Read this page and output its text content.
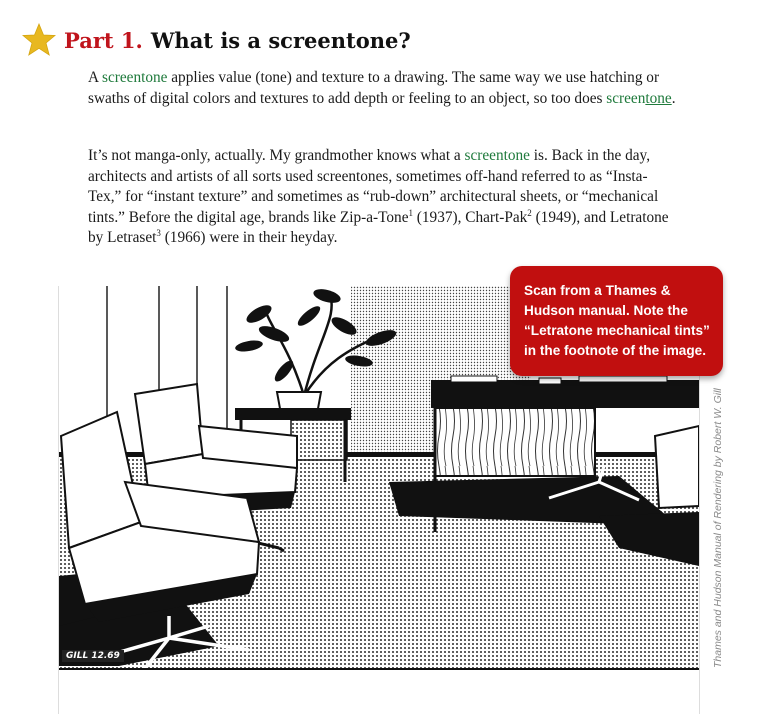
Part 1. What is a screentone?

A screentone applies value (tone) and texture to a drawing. The same way we use hatching or swaths of digital colors and textures to add depth or feeling to an object, so too does screentone.

It’s not manga-only, actually. My grandmother knows what a screentone is. Back in the day, architects and artists of all sorts used screentones, sometimes off-hand referred to as “Insta-Tex,” for “instant texture” and sometimes as “rub-down” architectural sheets, or “mechanical tints.” Before the digital age, brands like Zip-a-Tone$^1$ (1937), Chart-Pak$^2$ (1949), and Letratone by Letraset$^3$ (1966) were in their heyday.

GILL 12.69
Scan from a Thames & Hudson manual. Note the “Letratone mechanical tints” in the footnote of the image.
Thames and Hudson Manual of Rendering by Robert W. Gill
